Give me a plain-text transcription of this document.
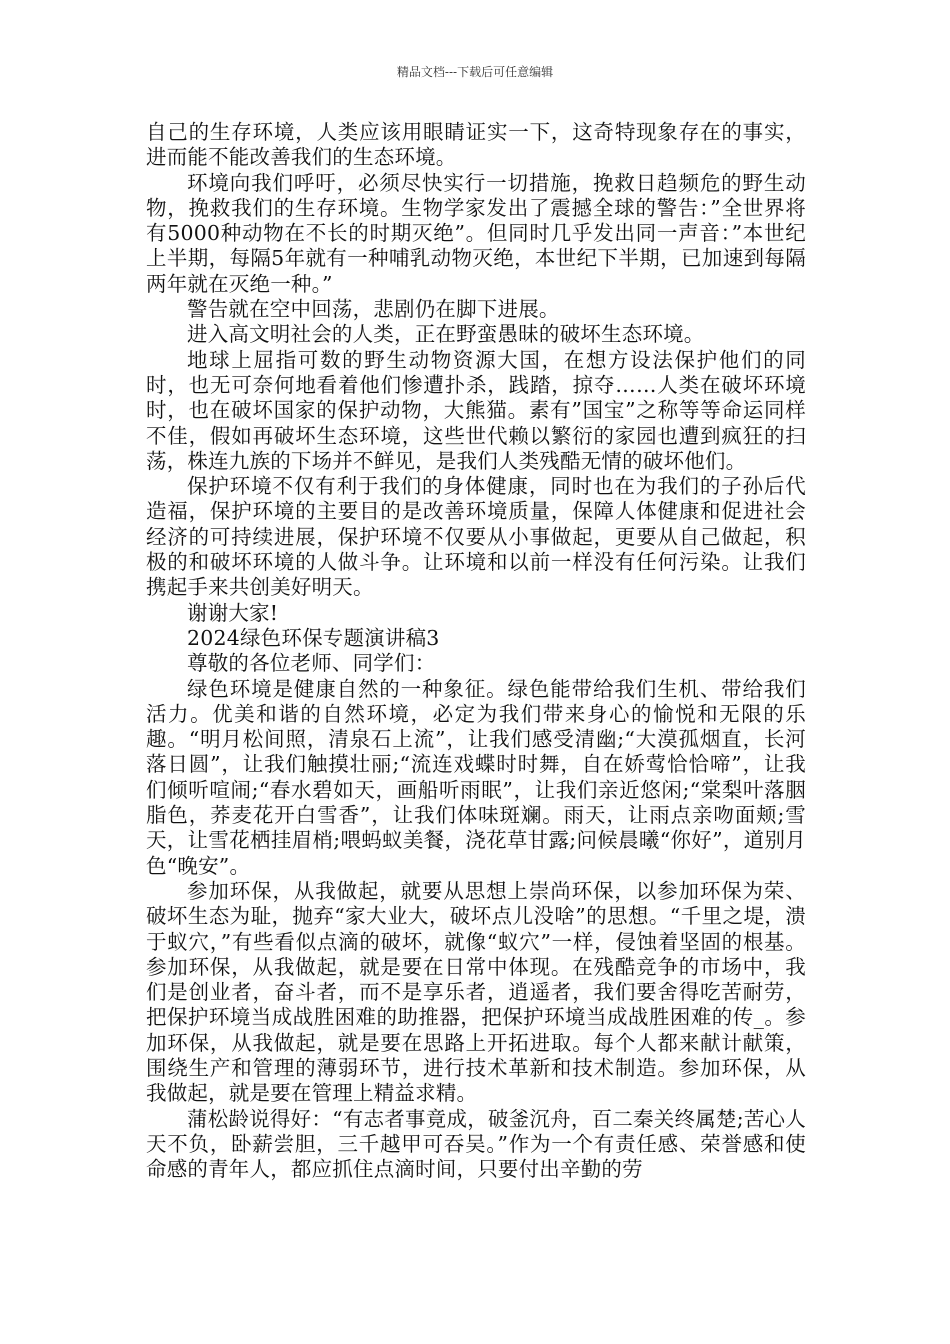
精品文档---下载后可任意编辑

自己的生存环境，人类应该用眼睛证实一下，这奇特现象存在的事实，进而能不能改善我们的生态环境。

环境向我们呼吁，必须尽快实行一切措施，挽救日趋频危的野生动物，挽救我们的生存环境。生物学家发出了震撼全球的警告：”全世界将有5000种动物在不长的时期灭绝”。但同时几乎发出同一声音：”本世纪上半期，每隔5年就有一种哺乳动物灭绝，本世纪下半期，已加速到每隔两年就在灭绝一种。”

警告就在空中回荡，悲剧仍在脚下进展。

进入高文明社会的人类，正在野蛮愚昧的破坏生态环境。

地球上屈指可数的野生动物资源大国，在想方设法保护他们的同时，也无可奈何地看着他们惨遭扑杀，践踏，掠夺……人类在破坏环境时，也在破坏国家的保护动物，大熊猫。素有”国宝”之称等等命运同样不佳，假如再破坏生态环境，这些世代赖以繁衍的家园也遭到疯狂的扫荡，株连九族的下场并不鲜见，是我们人类残酷无情的破坏他们。

保护环境不仅有利于我们的身体健康，同时也在为我们的子孙后代造福，保护环境的主要目的是改善环境质量，保障人体健康和促进社会经济的可持续进展，保护环境不仅要从小事做起，更要从自己做起，积极的和破坏环境的人做斗争。让环境和以前一样没有任何污染。让我们携起手来共创美好明天。

谢谢大家!

2024绿色环保专题演讲稿3

尊敬的各位老师、同学们：

绿色环境是健康自然的一种象征。绿色能带给我们生机、带给我们活力。优美和谐的自然环境，必定为我们带来身心的愉悦和无限的乐趣。“明月松间照，清泉石上流”，让我们感受清幽;“大漠孤烟直，长河落日圆”，让我们触摸壮丽;“流连戏蝶时时舞，自在娇莺恰恰啼”，让我们倾听喧闹;“春水碧如天，画船听雨眠”，让我们亲近悠闲;“棠梨叶落胭脂色，荞麦花开白雪香”，让我们体味斑斓。雨天，让雨点亲吻面颊;雪天，让雪花栖挂眉梢;喂蚂蚁美餐，浇花草甘露;问候晨曦“你好”，道别月色“晚安”。

参加环保，从我做起，就要从思想上崇尚环保，以参加环保为荣、破坏生态为耻，抛弃“家大业大，破坏点儿没啥”的思想。“千里之堤，溃于蚁穴，”有些看似点滴的破坏，就像“蚁穴”一样，侵蚀着坚固的根基。参加环保，从我做起，就是要在日常中体现。在残酷竞争的市场中，我们是创业者，奋斗者，而不是享乐者，逍遥者，我们要舍得吃苦耐劳，把保护环境当成战胜困难的助推器，把保护环境当成战胜困难的传_。参加环保，从我做起，就是要在思路上开拓进取。每个人都来献计献策，围绕生产和管理的薄弱环节，进行技术革新和技术制造。参加环保，从我做起，就是要在管理上精益求精。

蒲松龄说得好：“有志者事竟成，破釜沉舟，百二秦关终属楚;苦心人天不负，卧薪尝胆，三千越甲可吞吴。”作为一个有责任感、荣誉感和使命感的青年人，都应抓住点滴时间，只要付出辛勤的劳
